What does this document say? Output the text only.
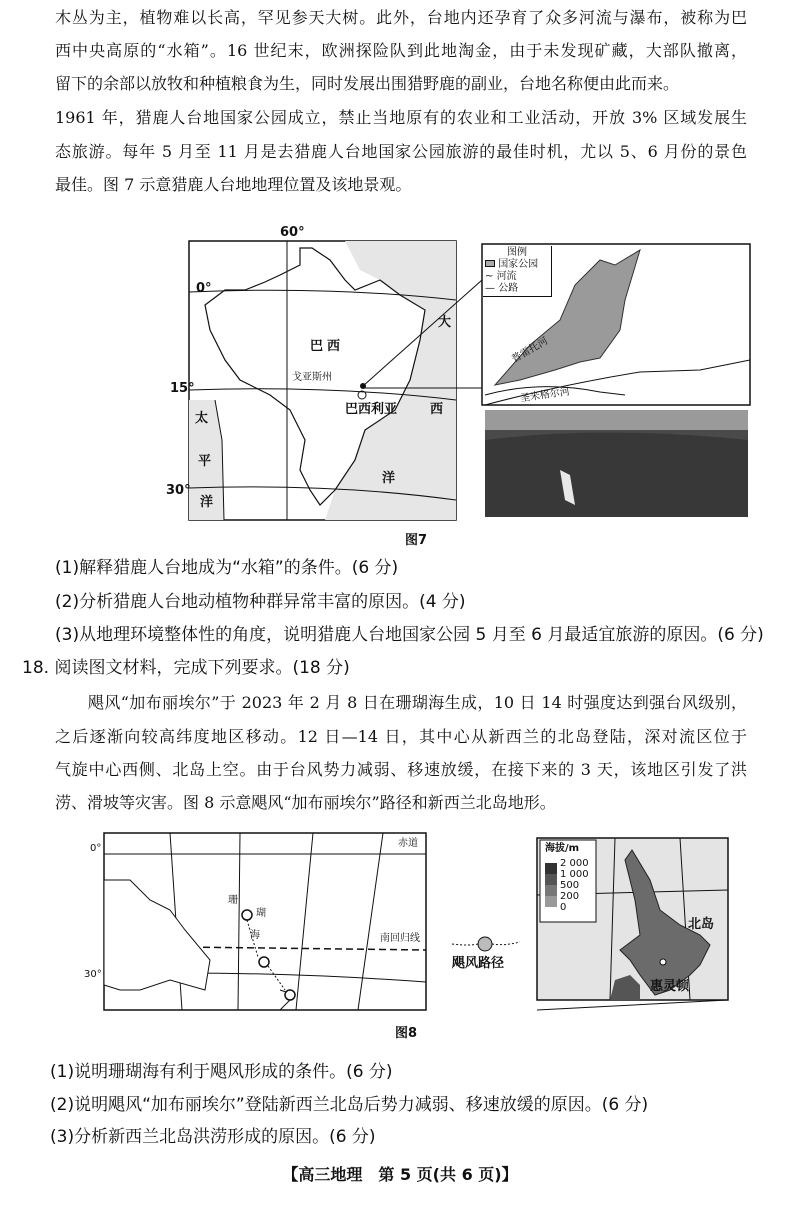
木丛为主，植物难以长高，罕见参天大树。此外，台地内还孕育了众多河流与瀑布，被称为巴
西中央高原的“水箱”。16 世纪末，欧洲探险队到此地淘金，由于未发现矿藏，大部队撤离，
留下的余部以放牧和种植粮食为生，同时发展出围猎野鹿的副业，台地名称便由此而来。
1961 年，猎鹿人台地国家公园成立，禁止当地原有的农业和工业活动，开放 3% 区域发展生
态旅游。每年 5 月至 11 月是去猎鹿人台地国家公园旅游的最佳时机，尤以 5、6 月份的景色
最佳。图 7 示意猎鹿人台地地理位置及该地景观。
0°
15°
30°
60°
巴西
戈亚斯州
巴西利亚
大
西
洋
太
平
洋
图例
国家公园
~ 河流
— 公路
普雷托河
圣米格尔河
图7
(1)解释猎鹿人台地成为“水箱”的条件。(6 分)
(2)分析猎鹿人台地动植物种群异常丰富的原因。(4 分)
(3)从地理环境整体性的角度，说明猎鹿人台地国家公园 5 月至 6 月最适宜旅游的原因。(6 分)
18. 阅读图文材料，完成下列要求。(18 分)
飓风“加布丽埃尔”于 2023 年 2 月 8 日在珊瑚海生成，10 日 14 时强度达到强台风级别，
之后逐渐向较高纬度地区移动。12 日—14 日，其中心从新西兰的北岛登陆，深对流区位于
气旋中心西侧、北岛上空。由于台风势力减弱、移速放缓，在接下来的 3 天，该地区引发了洪
涝、滑坡等灾害。图 8 示意飓风“加布丽埃尔”路径和新西兰北岛地形。
0°
30°
赤道
南回归线
珊
瑚
海
飓风路径
海拔/m
2 000
1 000
500
200
0
北岛
惠灵顿
图8
(1)说明珊瑚海有利于飓风形成的条件。(6 分)
(2)说明飓风“加布丽埃尔”登陆新西兰北岛后势力减弱、移速放缓的原因。(6 分)
(3)分析新西兰北岛洪涝形成的原因。(6 分)
【高三地理　第 5 页(共 6 页)】
